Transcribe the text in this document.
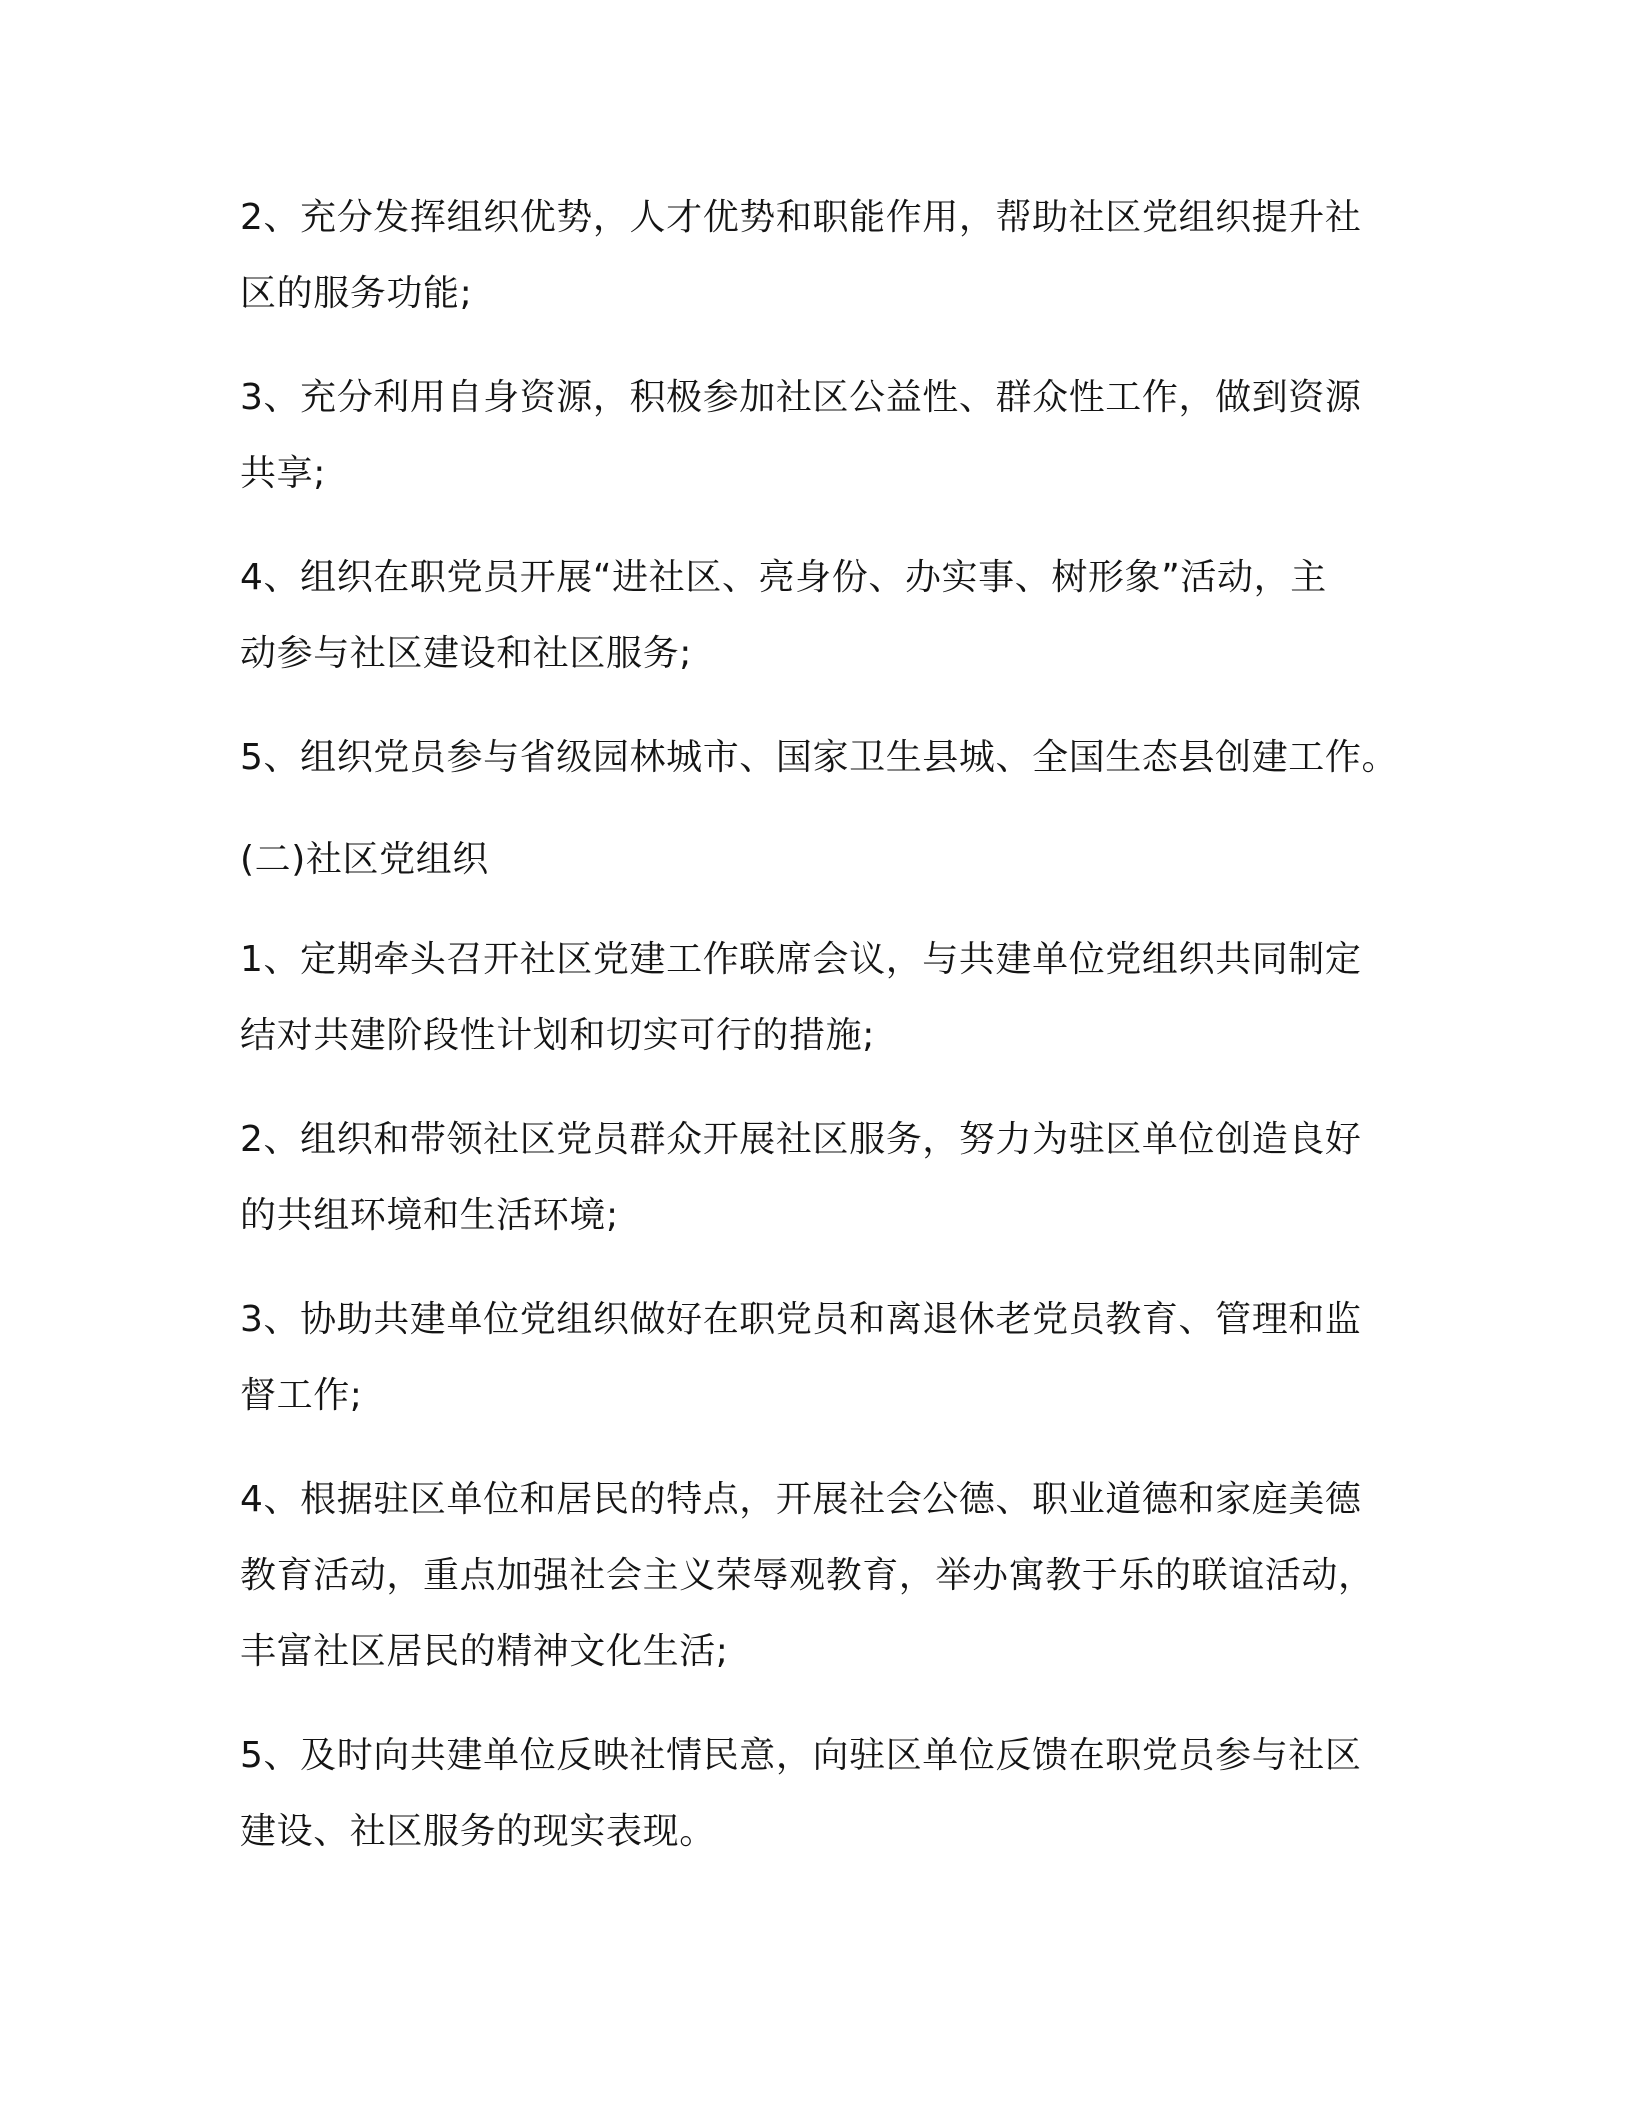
2、充分发挥组织优势，人才优势和职能作用，帮助社区党组织提升社

区的服务功能;

3、充分利用自身资源，积极参加社区公益性、群众性工作，做到资源

共享;

4、组织在职党员开展“进社区、亮身份、办实事、树形象”活动，主

动参与社区建设和社区服务;

5、组织党员参与省级园林城市、国家卫生县城、全国生态县创建工作。

(二)社区党组织

1、定期牵头召开社区党建工作联席会议，与共建单位党组织共同制定

结对共建阶段性计划和切实可行的措施;

2、组织和带领社区党员群众开展社区服务，努力为驻区单位创造良好

的共组环境和生活环境;

3、协助共建单位党组织做好在职党员和离退休老党员教育、管理和监

督工作;

4、根据驻区单位和居民的特点，开展社会公德、职业道德和家庭美德

教育活动，重点加强社会主义荣辱观教育，举办寓教于乐的联谊活动，

丰富社区居民的精神文化生活;

5、及时向共建单位反映社情民意，向驻区单位反馈在职党员参与社区

建设、社区服务的现实表现。
